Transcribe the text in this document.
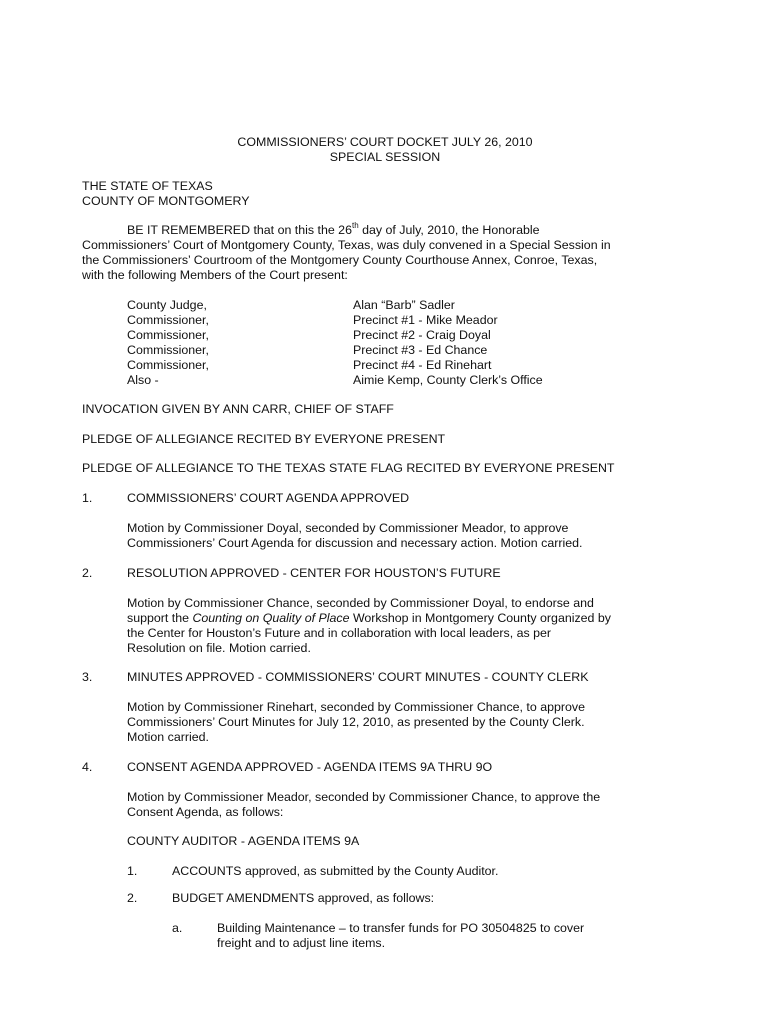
COMMISSIONERS’ COURT DOCKET JULY 26, 2010
SPECIAL SESSION
THE STATE OF TEXAS
COUNTY OF MONTGOMERY
BE IT REMEMBERED that on this the 26th day of July, 2010, the Honorable
Commissioners’ Court of Montgomery County, Texas, was duly convened in a Special Session in
the Commissioners’ Courtroom of the Montgomery County Courthouse Annex, Conroe, Texas,
with the following Members of the Court present:
County Judge,	Alan “Barb” Sadler
Commissioner,	Precinct #1 - Mike Meador
Commissioner,	Precinct #2 - Craig Doyal
Commissioner,	Precinct #3 - Ed Chance
Commissioner,	Precinct #4 - Ed Rinehart
Also -	Aimie Kemp, County Clerk’s Office
INVOCATION GIVEN BY ANN CARR, CHIEF OF STAFF
PLEDGE OF ALLEGIANCE RECITED BY EVERYONE PRESENT
PLEDGE OF ALLEGIANCE TO THE TEXAS STATE FLAG RECITED BY EVERYONE PRESENT
1.	COMMISSIONERS’ COURT AGENDA APPROVED
Motion by Commissioner Doyal, seconded by Commissioner Meador, to approve
Commissioners’ Court Agenda for discussion and necessary action. Motion carried.
2.	RESOLUTION APPROVED - CENTER FOR HOUSTON’S FUTURE
Motion by Commissioner Chance, seconded by Commissioner Doyal, to endorse and
support the Counting on Quality of Place Workshop in Montgomery County organized by
the Center for Houston’s Future and in collaboration with local leaders, as per
Resolution on file. Motion carried.
3.	MINUTES APPROVED - COMMISSIONERS’ COURT MINUTES - COUNTY CLERK
Motion by Commissioner Rinehart, seconded by Commissioner Chance, to approve
Commissioners’ Court Minutes for July 12, 2010, as presented by the County Clerk.
Motion carried.
4.	CONSENT AGENDA APPROVED - AGENDA ITEMS 9A THRU 9O
Motion by Commissioner Meador, seconded by Commissioner Chance, to approve the
Consent Agenda, as follows:
COUNTY AUDITOR - AGENDA ITEMS 9A
1.	ACCOUNTS approved, as submitted by the County Auditor.
2.	BUDGET AMENDMENTS approved, as follows:
a.	Building Maintenance – to transfer funds for PO 30504825 to cover
freight and to adjust line items.
